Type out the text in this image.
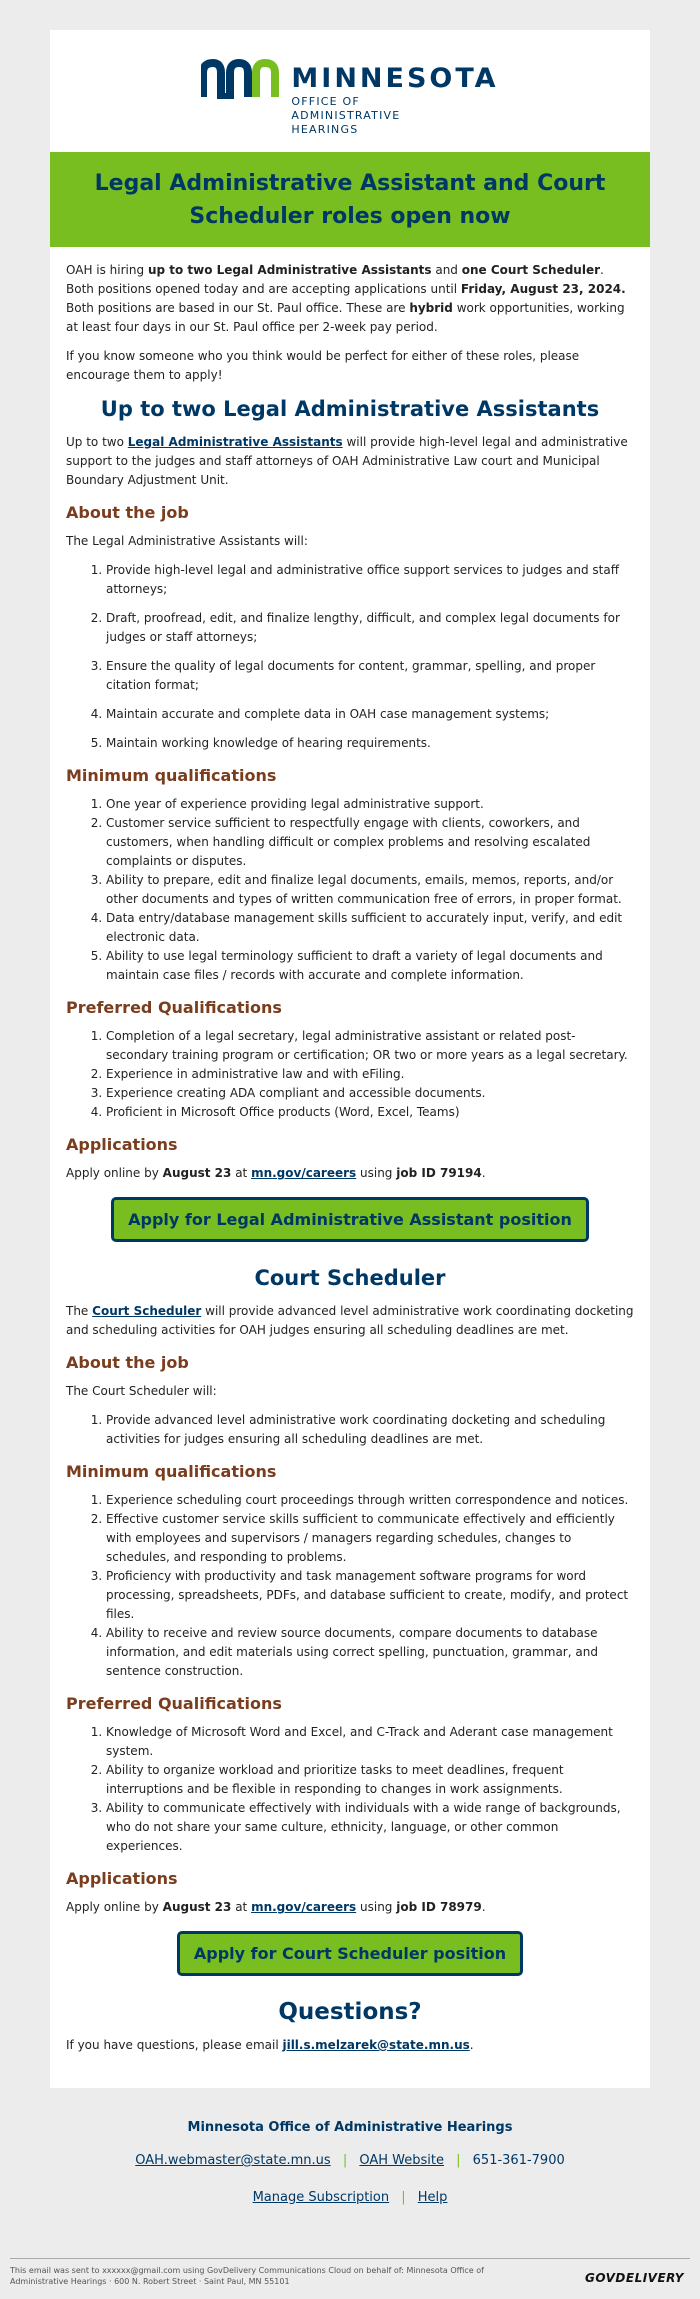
MINNESOTA
OFFICE OF ADMINISTRATIVE HEARINGS
Legal Administrative Assistant and Court Scheduler roles open now

OAH is hiring up to two Legal Administrative Assistants and one Court Scheduler. Both positions opened today and are accepting applications until Friday, August 23, 2024. Both positions are based in our St. Paul office. These are hybrid work opportunities, working at least four days in our St. Paul office per 2-week pay period.

If you know someone who you think would be perfect for either of these roles, please encourage them to apply!

Up to two Legal Administrative Assistants

Up to two Legal Administrative Assistants will provide high-level legal and administrative support to the judges and staff attorneys of OAH Administrative Law court and Municipal Boundary Adjustment Unit.

About the job

The Legal Administrative Assistants will:

1. Provide high-level legal and administrative office support services to judges and staff attorneys;
2. Draft, proofread, edit, and finalize lengthy, difficult, and complex legal documents for judges or staff attorneys;
3. Ensure the quality of legal documents for content, grammar, spelling, and proper citation format;
4. Maintain accurate and complete data in OAH case management systems;
5. Maintain working knowledge of hearing requirements.
Minimum qualifications
1. One year of experience providing legal administrative support.
2. Customer service sufficient to respectfully engage with clients, coworkers, and customers, when handling difficult or complex problems and resolving escalated complaints or disputes.
3. Ability to prepare, edit and finalize legal documents, emails, memos, reports, and/or other documents and types of written communication free of errors, in proper format.
4. Data entry/database management skills sufficient to accurately input, verify, and edit electronic data.
5. Ability to use legal terminology sufficient to draft a variety of legal documents and maintain case files / records with accurate and complete information.
Preferred Qualifications
1. Completion of a legal secretary, legal administrative assistant or related post-secondary training program or certification; OR two or more years as a legal secretary.
2. Experience in administrative law and with eFiling.
3. Experience creating ADA compliant and accessible documents.
4. Proficient in Microsoft Office products (Word, Excel, Teams)
Applications

Apply online by August 23 at mn.gov/careers using job ID 79194.

Apply for Legal Administrative Assistant position
Court Scheduler

The Court Scheduler will provide advanced level administrative work coordinating docketing and scheduling activities for OAH judges ensuring all scheduling deadlines are met.

About the job

The Court Scheduler will:

1. Provide advanced level administrative work coordinating docketing and scheduling activities for judges ensuring all scheduling deadlines are met.
Minimum qualifications
1. Experience scheduling court proceedings through written correspondence and notices.
2. Effective customer service skills sufficient to communicate effectively and efficiently with employees and supervisors / managers regarding schedules, changes to schedules, and responding to problems.
3. Proficiency with productivity and task management software programs for word processing, spreadsheets, PDFs, and database sufficient to create, modify, and protect files.
4. Ability to receive and review source documents, compare documents to database information, and edit materials using correct spelling, punctuation, grammar, and sentence construction.
Preferred Qualifications
1. Knowledge of Microsoft Word and Excel, and C-Track and Aderant case management system.
2. Ability to organize workload and prioritize tasks to meet deadlines, frequent interruptions and be flexible in responding to changes in work assignments.
3. Ability to communicate effectively with individuals with a wide range of backgrounds, who do not share your same culture, ethnicity, language, or other common experiences.
Applications

Apply online by August 23 at mn.gov/careers using job ID 78979.

Apply for Court Scheduler position
Questions?

If you have questions, please email jill.s.melzarek@state.mn.us.

Minnesota Office of Administrative Hearings
OAH.webmaster@state.mn.us | OAH Website | 651-361-7900
Manage Subscription | Help
This email was sent to xxxxxx@gmail.com using GovDelivery Communications Cloud on behalf of: Minnesota Office of Administrative Hearings · 600 N. Robert Street · Saint Paul, MN 55101	GOVDELIVERY
